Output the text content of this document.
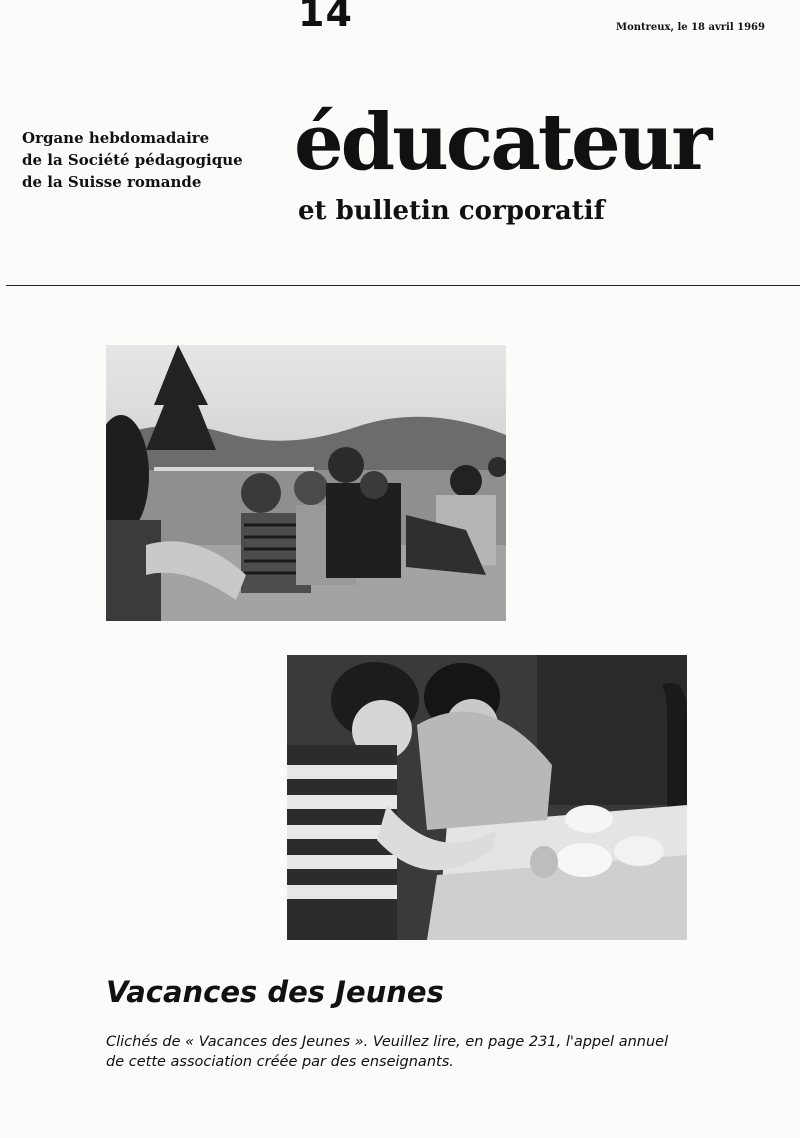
14	Montreux, le 18 avril 1969
Organe hebdomadaire
de la Société pédagogique
de la Suisse romande	éducateur
et bulletin corporatif
Vacances des Jeunes
Clichés de « Vacances des Jeunes ». Veuillez lire, en page 231, l'appel annuel
de cette association créée par des enseignants.
